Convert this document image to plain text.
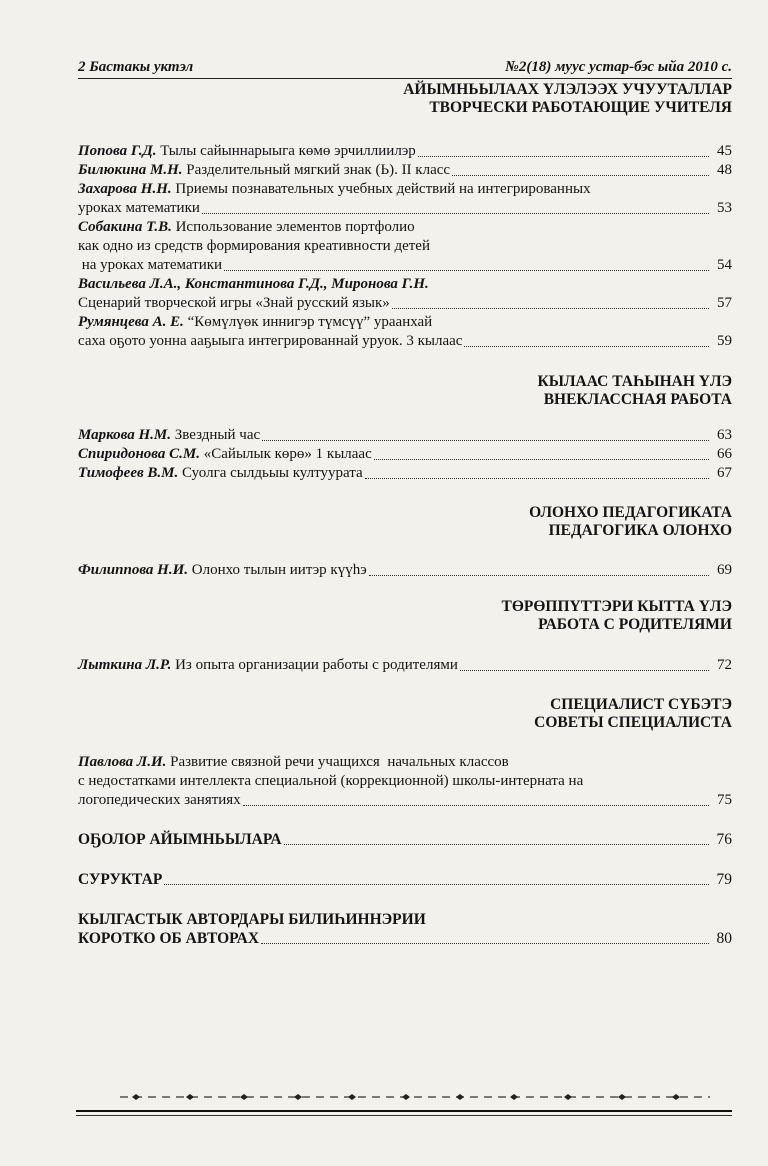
2 Бастакы уктэл	№2(18) муус устар-бэс ыйа 2010 с.
АЙЫМНЬЫЛААХ ҮЛЭЛЭЭХ УЧУУТАЛЛАР
ТВОРЧЕСКИ РАБОТАЮЩИЕ УЧИТЕЛЯ
Попова Г.Д. Тылы сайыннарыыга көмө эрчиллиилэр	45
Билюкина М.Н. Разделительный мягкий знак (Ь). II класс	48
Захарова Н.Н. Приемы познавательных учебных действий на интегрированных
уроках математики	53
Собакина Т.В. Использование элементов портфолио
как одно из средств формирования креативности детей
на уроках математики	54
Васильева Л.А., Константинова Г.Д., Миронова Г.Н.
Сценарий творческой игры «Знай русский язык»	57
Румянцева А. Е. “Көмүлүөк иннигэр түмсүү” ураанхай
саха оҕото уонна ааҕыыга интегрированнай уруок. 3 кылаас	59
КЫЛААС ТАҺЫНАН ҮЛЭ
ВНЕКЛАССНАЯ РАБОТА
Маркова Н.М. Звездный час	63
Спиридонова С.М. «Сайылык көрө» 1 кылаас	66
Тимофеев В.М. Суолга сылдьыы култуурата	67
ОЛОНХО ПЕДАГОГИКАТА
ПЕДАГОГИКА ОЛОНХО
Филиппова Н.И. Олонхо тылын иитэр күүһэ	69
ТӨРӨППҮТТЭРИ КЫТТА ҮЛЭ
РАБОТА С РОДИТЕЛЯМИ
Лыткина Л.Р. Из опыта организации работы с родителями	72
СПЕЦИАЛИСТ СҮБЭТЭ
СОВЕТЫ СПЕЦИАЛИСТА
Павлова Л.И. Развитие связной речи учащихся  начальных классов
с недостатками интеллекта специальной (коррекционной) школы-интерната на
логопедических занятиях	75
ОҔОЛОР АЙЫМНЬЫЛАРА	76
СУРУКТАР	79
КЫЛГАСТЫК АВТОРДАРЫ БИЛИҺИННЭРИИ
КОРОТКО ОБ АВТОРАХ	80
